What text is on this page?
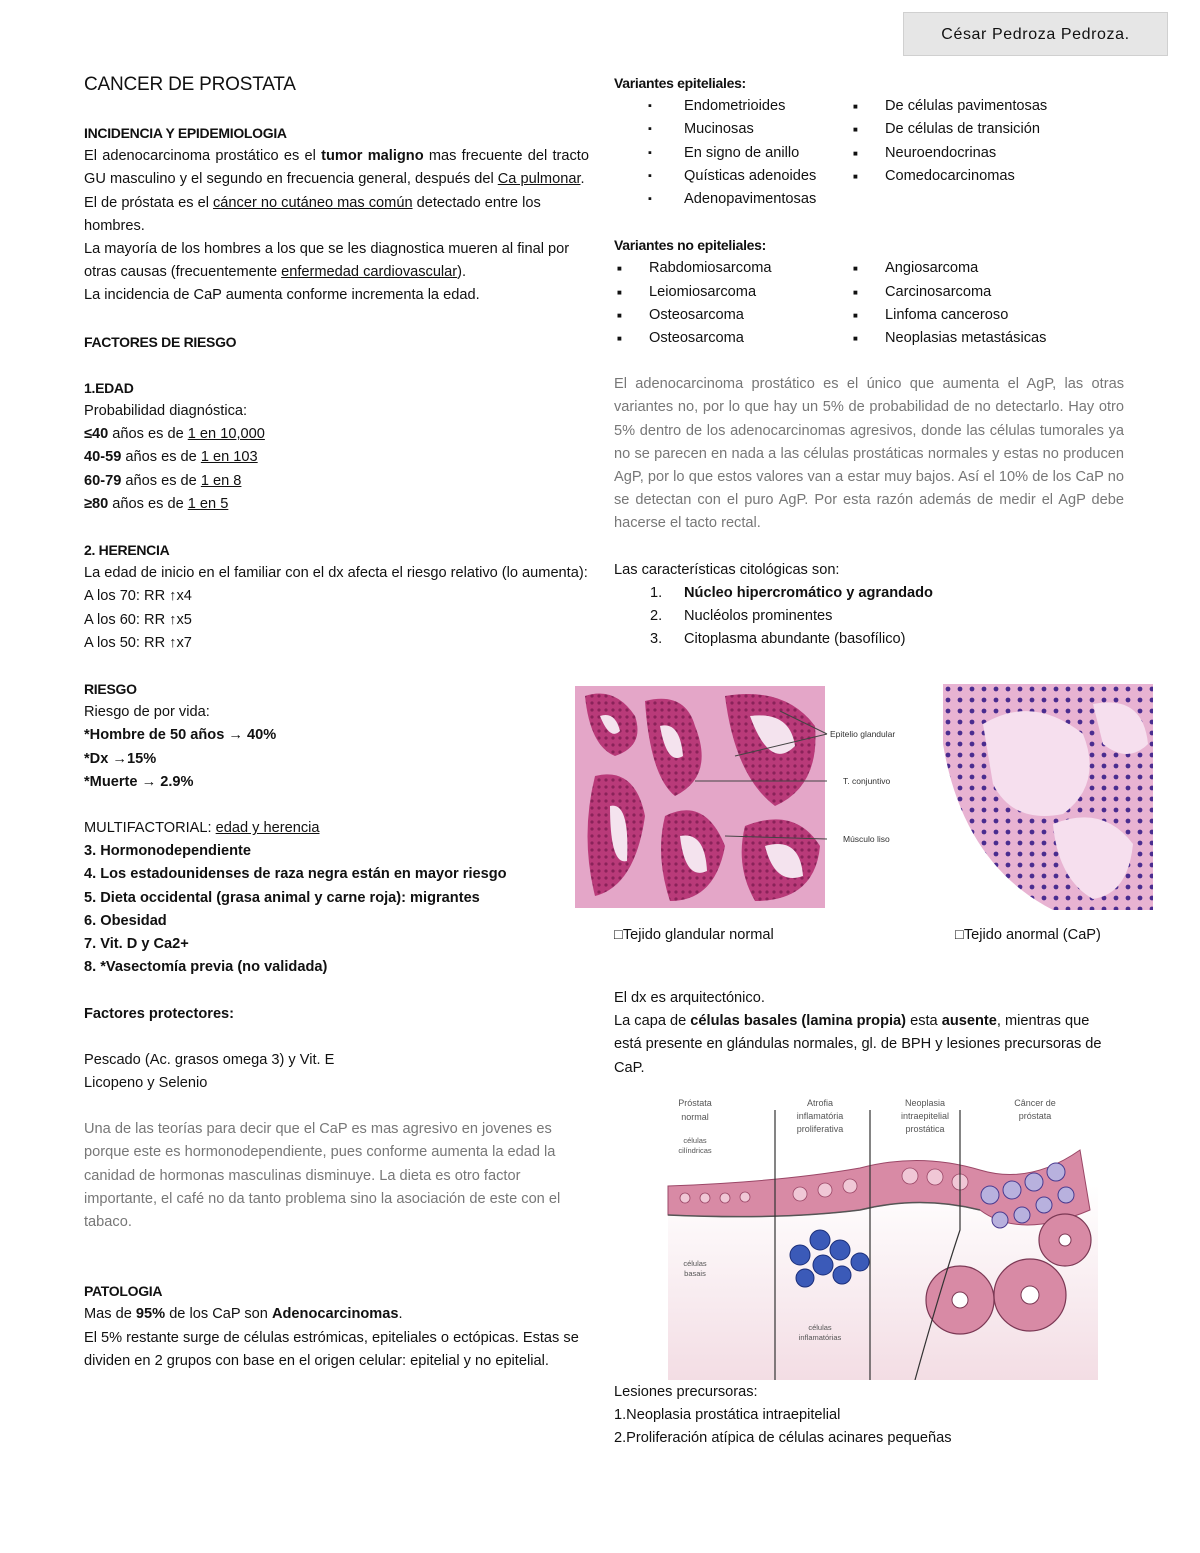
César Pedroza Pedroza.

CANCER DE PROSTATA

INCIDENCIA Y EPIDEMIOLOGIA

El adenocarcinoma prostático es el tumor maligno mas frecuente del tracto GU masculino y el segundo en frecuencia general, después del Ca pulmonar.

El de próstata es el cáncer no cutáneo mas común detectado entre los hombres.

La mayoría de los hombres a los que se les diagnostica mueren al final por otras causas (frecuentemente enfermedad cardiovascular).

La incidencia de CaP aumenta conforme incrementa la edad.

FACTORES DE RIESGO

1.EDAD

Probabilidad diagnóstica:

≤40 años es de 1 en 10,000

40-59 años es de 1 en 103

60-79 años es de 1 en 8

≥80 años es de 1 en 5

2. HERENCIA

La edad de inicio en el familiar con el dx afecta el riesgo relativo (lo aumenta):

A los 70: RR ↑x4

A los 60: RR ↑x5

A los 50: RR ↑x7

RIESGO

Riesgo de por vida:

*Hombre de 50 años → 40%

*Dx →15%

*Muerte → 2.9%

MULTIFACTORIAL: edad y herencia

3. Hormonodependiente

4. Los estadounidenses de raza negra están en mayor riesgo

5. Dieta occidental (grasa animal y carne roja): migrantes

6. Obesidad

7. Vit. D y Ca2+

8. *Vasectomía previa (no validada)

Factores protectores:

Pescado (Ac. grasos omega 3) y Vit. E

Licopeno y Selenio

Una de las teorías para decir que el CaP es mas agresivo en jovenes es porque este es hormonodependiente, pues conforme aumenta la edad la canidad de hormonas masculinas disminuye. La dieta es otro factor importante, el café no da tanto problema sino la asociación de este con el tabaco.

PATOLOGIA

Mas de 95% de los CaP son Adenocarcinomas.

El 5% restante surge de células estrómicas, epiteliales o ectópicas. Estas se dividen en 2 grupos con base en el origen celular: epitelial y no epitelial.

Variantes epiteliales:

▪ Endometrioides
▪ Mucinosas
▪ En signo de anillo
▪ Quísticas adenoides
▪ Adenopavimentosas
■ De células pavimentosas
■ De células de transición
■ Neuroendocrinas
■ Comedocarcinomas

Variantes no epiteliales:

■ Rabdomiosarcoma
■ Leiomiosarcoma
■ Osteosarcoma
■ Osteosarcoma
■ Angiosarcoma
■ Carcinosarcoma
■ Linfoma canceroso
■ Neoplasias metastásicas

El adenocarcinoma prostático es el único que aumenta el AgP, las otras variantes no, por lo que hay un 5% de probabilidad de no detectarlo. Hay otro 5% dentro de los adenocarcinomas agresivos, donde las células tumorales ya no se parecen en nada a las células prostáticas normales y estas no producen AgP, por lo que estos valores van a estar muy bajos. Así el 10% de los CaP no se detectan con el puro AgP. Por esta razón además de medir el AgP debe hacerse el tacto rectal.

Las características citológicas son:

1. Núcleo hipercromático y agrandado
2. Nucléolos prominentes
3. Citoplasma abundante (basofílico)
Epitelio glandular
T. conjuntivo
Músculo liso

□Tejido glandular normal	□Tejido anormal (CaP)

El dx es arquitectónico.

La capa de células basales (lamina propia) esta ausente, mientras que está presente en glándulas normales, gl. de BPH y lesiones precursoras de CaP.

Próstata
normal
Atrofia
inflamatória
proliferativa
Neoplasia
intraepitelial
prostática
Câncer de
próstata
células
cilíndricas
células
basais
células
inflamatórias

Lesiones precursoras:

1.Neoplasia prostática intraepitelial

2.Proliferación atípica de células acinares pequeñas
